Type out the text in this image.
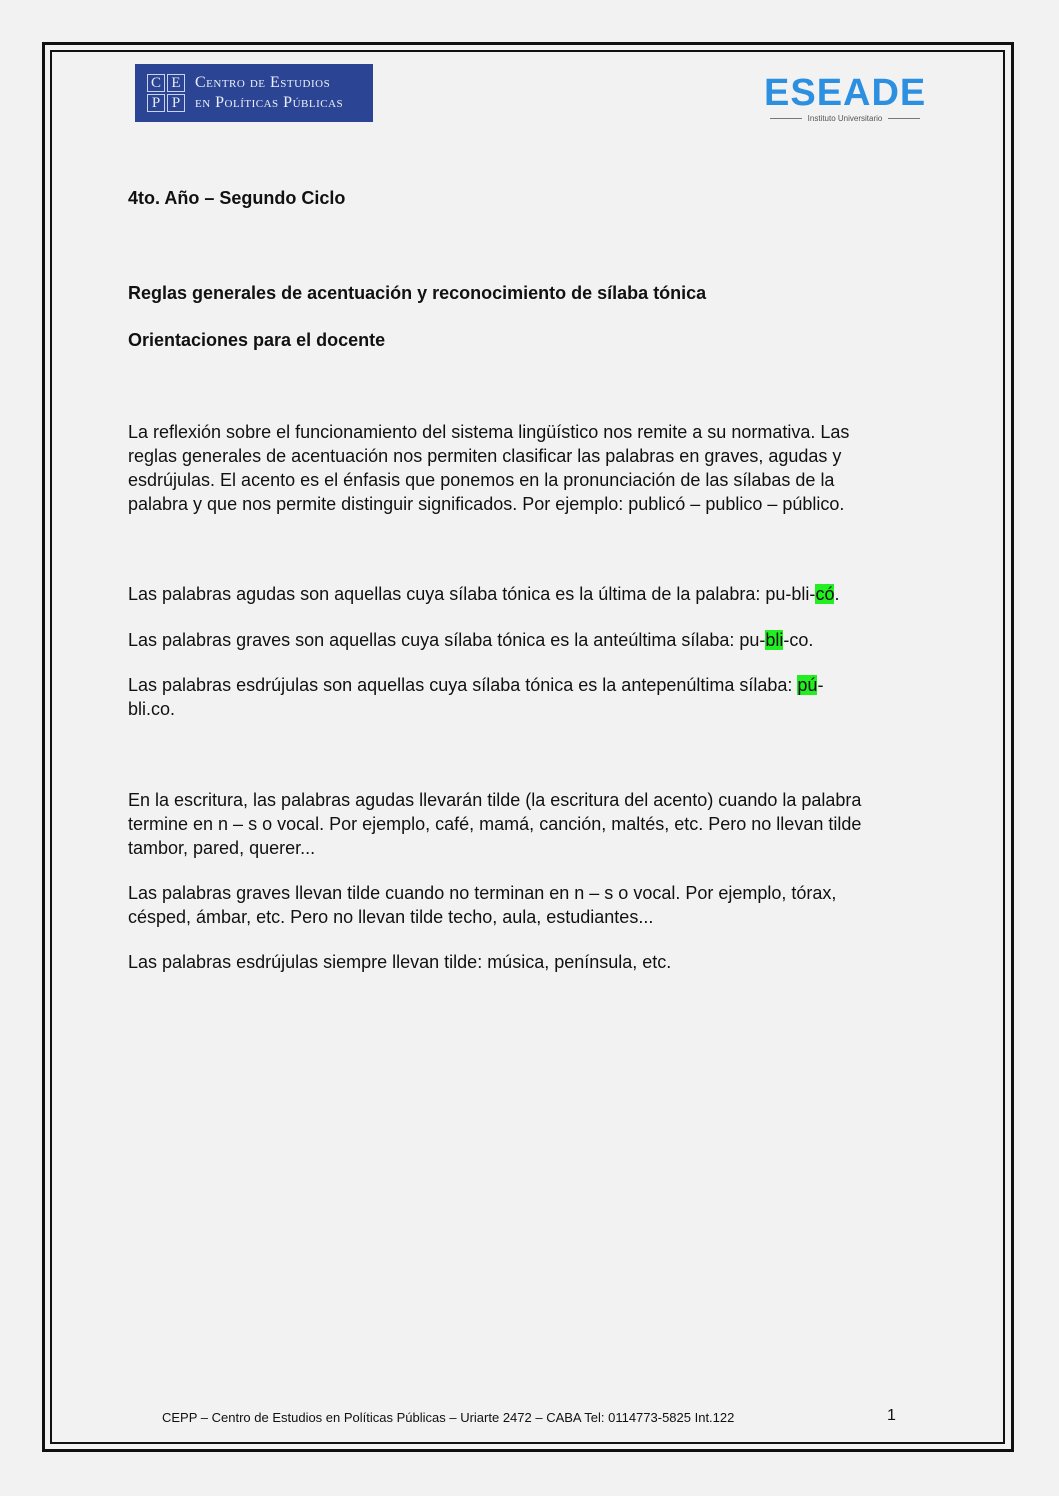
C E
P P
Centro de Estudios
en Políticas Públicas	ESEADE
Instituto Universitario

4to. Año – Segundo Ciclo

Reglas generales de acentuación y reconocimiento de sílaba tónica

Orientaciones para el docente

La reflexión sobre el funcionamiento del sistema lingüístico nos remite a su normativa. Las
reglas generales de acentuación nos permiten clasificar las palabras en graves, agudas y
esdrújulas. El acento es el énfasis que ponemos en la pronunciación de las sílabas de la
palabra y que nos permite distinguir significados. Por ejemplo: publicó – publico – público.

Las palabras agudas son aquellas cuya sílaba tónica es la última de la palabra: pu-bli-có.

Las palabras graves son aquellas cuya sílaba tónica es la anteúltima sílaba: pu-bli-co.

Las palabras esdrújulas son aquellas cuya sílaba tónica es la antepenúltima sílaba: pú-
bli.co.
En la escritura, las palabras agudas llevarán tilde (la escritura del acento) cuando la palabra
termine en n – s o vocal. Por ejemplo, café, mamá, canción, maltés, etc. Pero no llevan tilde
tambor, pared, querer...
Las palabras graves llevan tilde cuando no terminan en n – s o vocal. Por ejemplo, tórax,
césped, ámbar, etc. Pero no llevan tilde techo, aula, estudiantes...

Las palabras esdrújulas siempre llevan tilde: música, península, etc.

CEPP – Centro de Estudios en Políticas Públicas – Uriarte 2472 – CABA Tel: 0114773-5825 Int.122	1
